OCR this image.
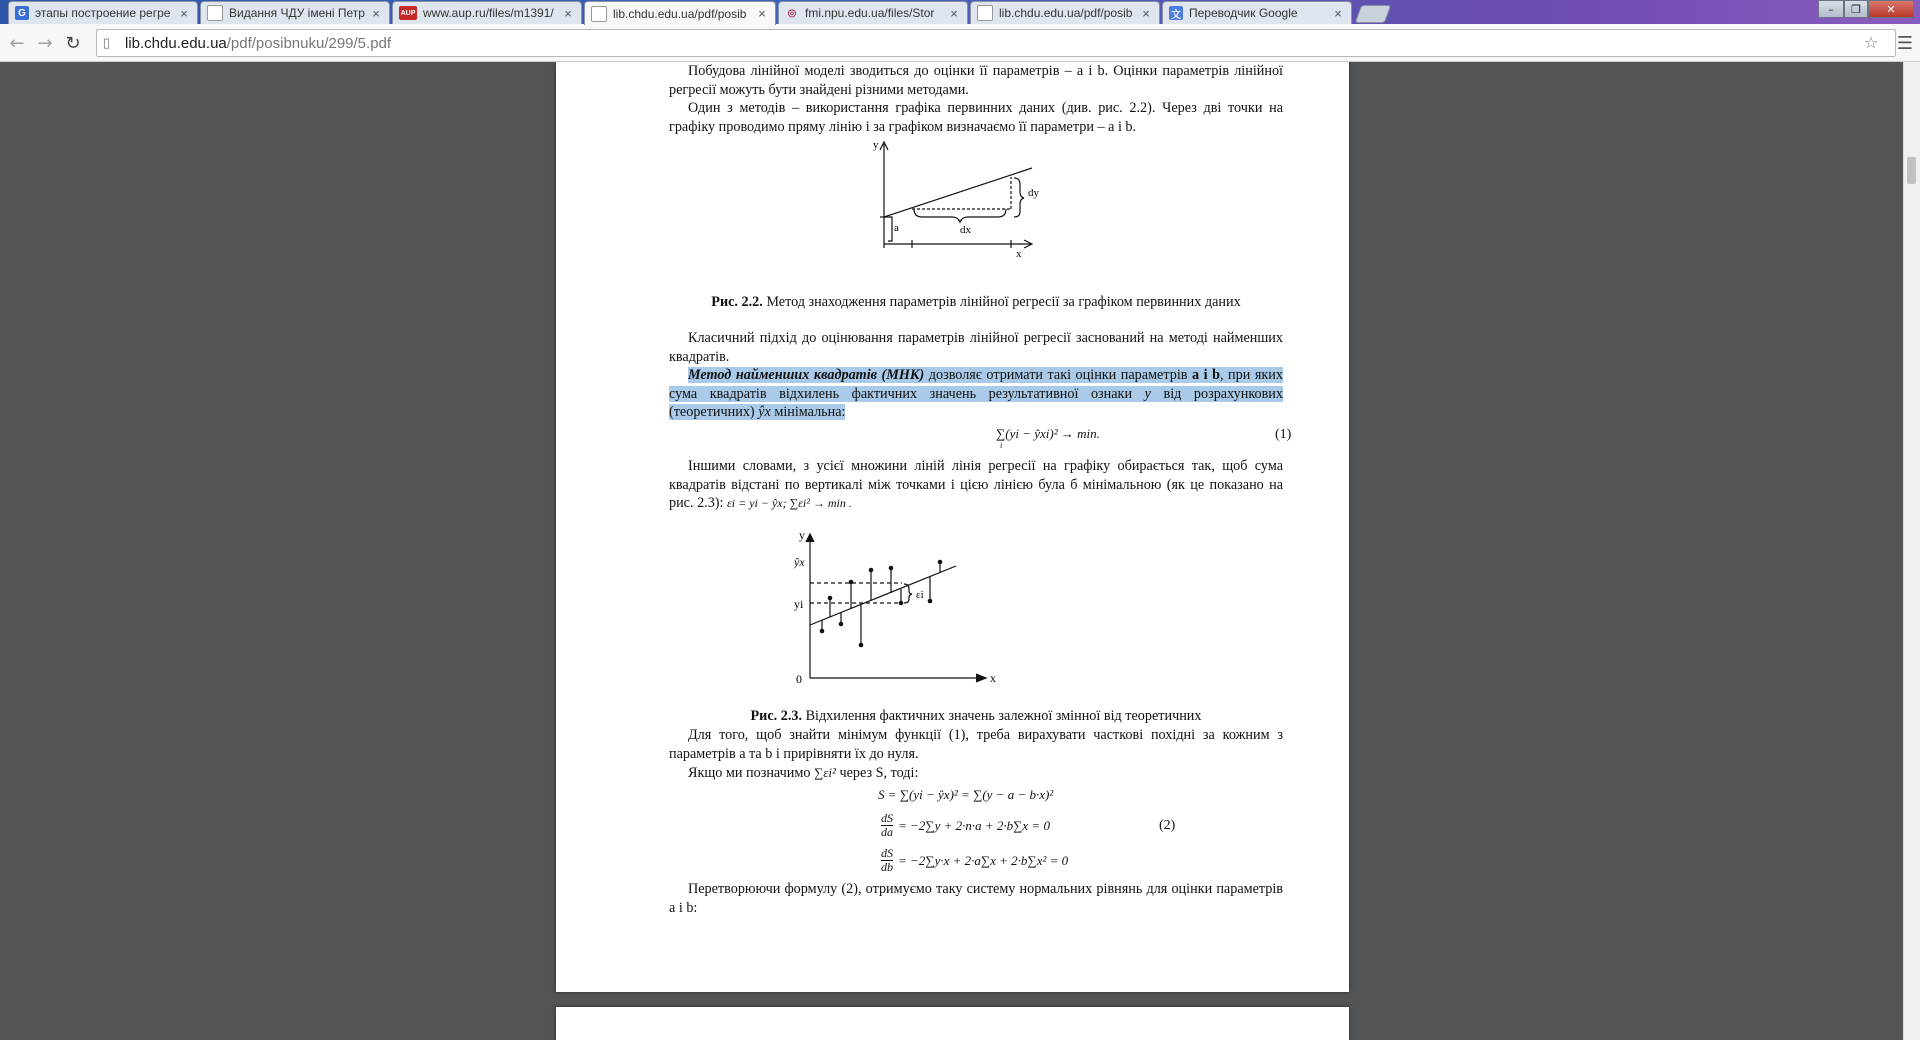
G этапы построение регре ×	Видання ЧДУ імені Петр ×	AUP www.aup.ru/files/m1391/ ×	lib.chdu.edu.ua/pdf/posib ×	◎ fmi.npu.edu.ua/files/Stor	×	lib.chdu.edu.ua/pdf/posib ×	文 Переводчик Google	×	–	❐	✕
← → ↻ ▯ lib.chdu.edu.ua /pdf/posibnuku/299/5.pdf	☆ ☰

Побудова лінійної моделі зводиться до оцінки її параметрів – a і b. Оцінки параметрів лінійної регресії можуть бути знайдені різними методами.

Один з методів – використання графіка первинних даних (див. рис. 2.2). Через дві точки на графіку проводимо пряму лінію і за графіком визначаємо її параметри – a і b.

y
x
a	dx
dy
Рис. 2.2. Метод знаходження параметрів лінійної регресії за графіком первинних даних

Класичний підхід до оцінювання параметрів лінійної регресії заснований на методі найменших квадратів.

Метод найменших квадратів (МНК) дозволяє отримати такі оцінки параметрів a і b, при яких сума квадратів відхилень фактичних значень результативної ознаки y від розрахункових (теоретичних) ŷx мінімальна:

∑(yi − ŷxi)² → min.
i
(1)

Іншими словами, з усієї множини ліній лінія регресії на графіку обирається так, щоб сума квадратів відстані по вертикалі між точками і цією лінією була б мінімальною (як це показано на рис. 2.3): εi = yi − ŷx; ∑εi² → min .

y
x
0
ŷx
yi
εi
Рис. 2.3. Відхилення фактичних значень залежної змінної від теоретичних

Для того, щоб знайти мінімум функції (1), треба вирахувати часткові похідні за кожним з параметрів a та b і прирівняти їх до нуля.

Якщо ми позначимо ∑εi² через S, тоді:

S = ∑(yi − ŷx)² = ∑(y − a − b·x)²
$\frac{dS}{da} = -2\sum y + 2\cdot n\cdot a + 2\cdot b\sum x = 0$	(2)
$\frac{dS}{db} = -2\sum y\cdot x + 2\cdot a\sum x + 2\cdot b\sum x^2 = 0$

Перетворюючи формулу (2), отримуємо таку систему нормальних рівнянь для оцінки параметрів a і b:
